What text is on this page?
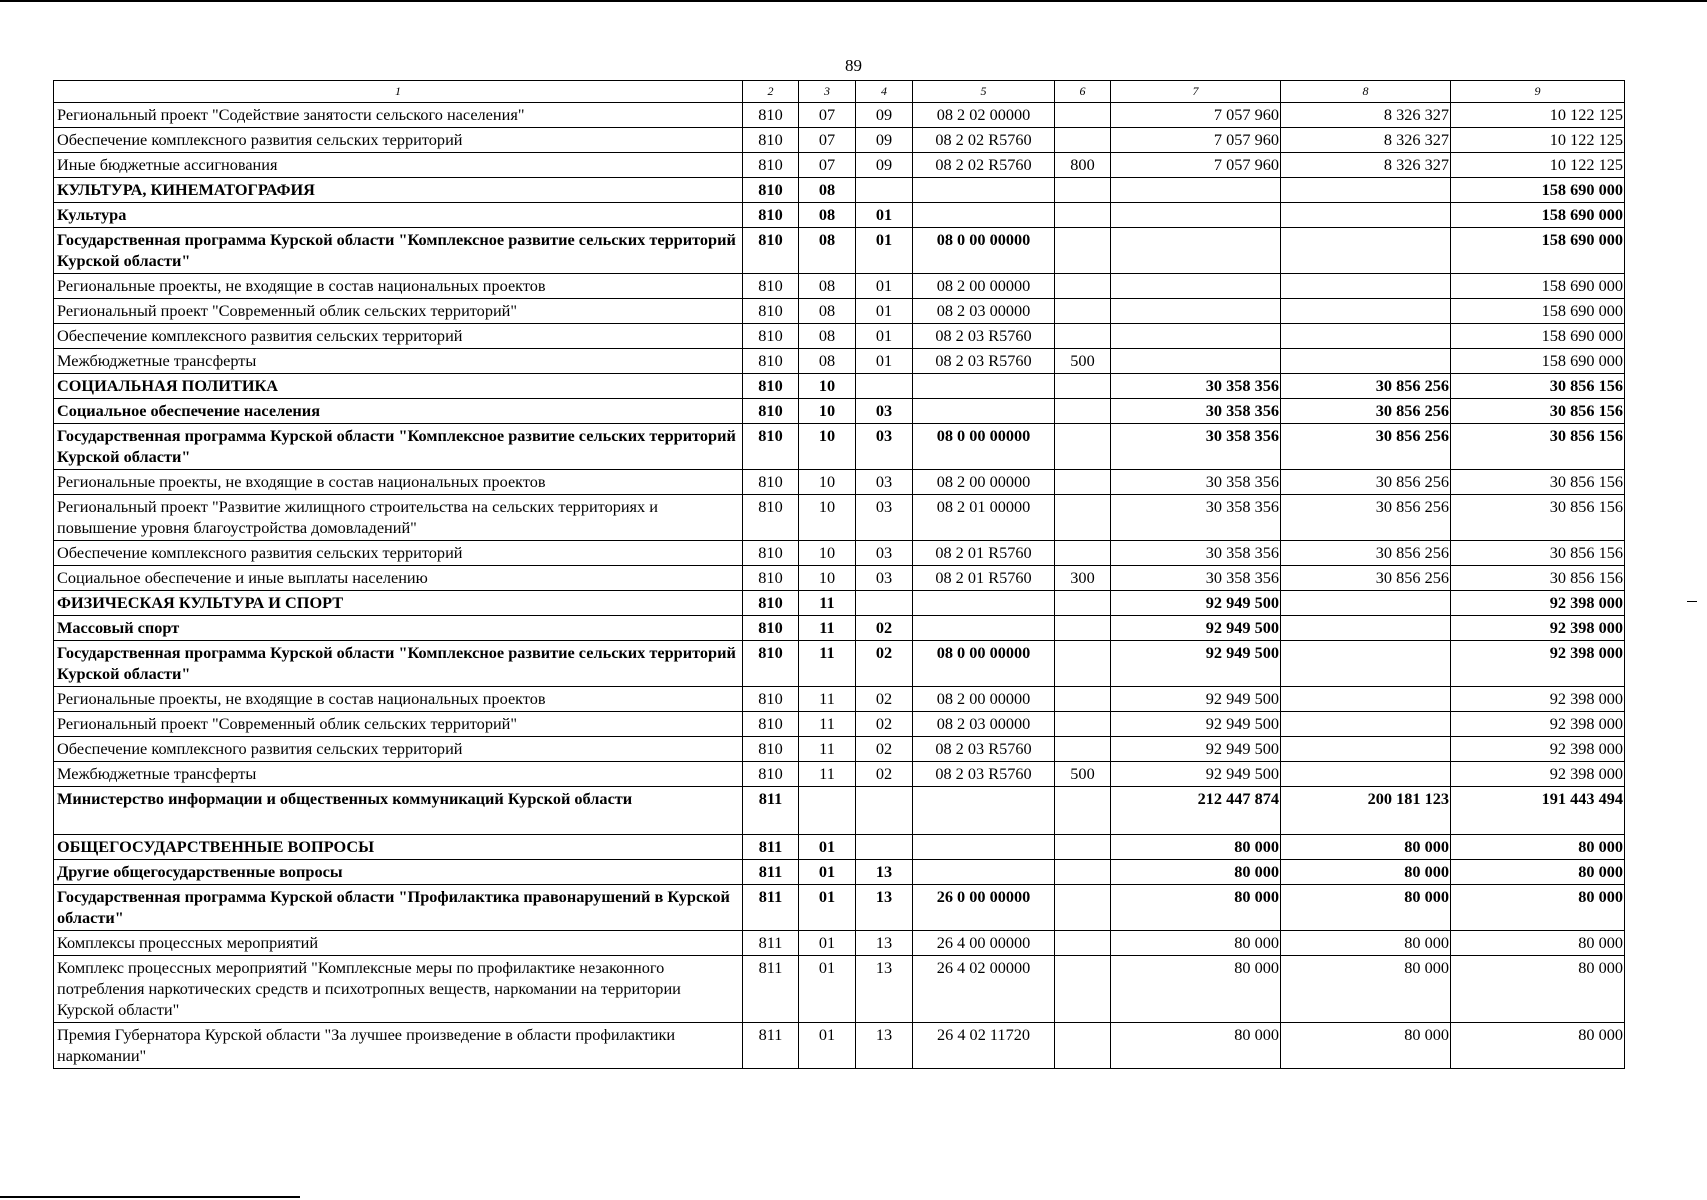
89
1	2	3	4	5	6	7	8	9
Региональный проект "Содействие занятости сельского населения"	810	07	09	08 2 02 00000		7 057 960	8 326 327	10 122 125
Обеспечение комплексного развития сельских территорий	810	07	09	08 2 02 R5760		7 057 960	8 326 327	10 122 125
Иные бюджетные ассигнования	810	07	09	08 2 02 R5760	800	7 057 960	8 326 327	10 122 125
КУЛЬТУРА, КИНЕМАТОГРАФИЯ	810	08						158 690 000
Культура	810	08	01					158 690 000
Государственная программа Курской области "Комплексное развитие сельских территорий Курской области"	810	08	01	08 0 00 00000				158 690 000
Региональные проекты, не входящие в состав национальных проектов	810	08	01	08 2 00 00000				158 690 000
Региональный проект "Современный облик сельских территорий"	810	08	01	08 2 03 00000				158 690 000
Обеспечение комплексного развития сельских территорий	810	08	01	08 2 03 R5760				158 690 000
Межбюджетные трансферты	810	08	01	08 2 03 R5760	500			158 690 000
СОЦИАЛЬНАЯ ПОЛИТИКА	810	10				30 358 356	30 856 256	30 856 156
Социальное обеспечение населения	810	10	03			30 358 356	30 856 256	30 856 156
Государственная программа Курской области "Комплексное развитие сельских территорий Курской области"	810	10	03	08 0 00 00000		30 358 356	30 856 256	30 856 156
Региональные проекты, не входящие в состав национальных проектов	810	10	03	08 2 00 00000		30 358 356	30 856 256	30 856 156
Региональный проект "Развитие жилищного строительства на сельских территориях и повышение уровня благоустройства домовладений"	810	10	03	08 2 01 00000		30 358 356	30 856 256	30 856 156
Обеспечение комплексного развития сельских территорий	810	10	03	08 2 01 R5760		30 358 356	30 856 256	30 856 156
Социальное обеспечение и иные выплаты населению	810	10	03	08 2 01 R5760	300	30 358 356	30 856 256	30 856 156
ФИЗИЧЕСКАЯ КУЛЬТУРА И СПОРТ	810	11				92 949 500		92 398 000
Массовый спорт	810	11	02			92 949 500		92 398 000
Государственная программа Курской области "Комплексное развитие сельских территорий Курской области"	810	11	02	08 0 00 00000		92 949 500		92 398 000
Региональные проекты, не входящие в состав национальных проектов	810	11	02	08 2 00 00000		92 949 500		92 398 000
Региональный проект "Современный облик сельских территорий"	810	11	02	08 2 03 00000		92 949 500		92 398 000
Обеспечение комплексного развития сельских территорий	810	11	02	08 2 03 R5760		92 949 500		92 398 000
Межбюджетные трансферты	810	11	02	08 2 03 R5760	500	92 949 500		92 398 000
Министерство информации и общественных коммуникаций Курской области	811					212 447 874	200 181 123	191 443 494
ОБЩЕГОСУДАРСТВЕННЫЕ ВОПРОСЫ	811	01				80 000	80 000	80 000
Другие общегосударственные вопросы	811	01	13			80 000	80 000	80 000
Государственная программа Курской области "Профилактика правонарушений в Курской области"	811	01	13	26 0 00 00000		80 000	80 000	80 000
Комплексы процессных мероприятий	811	01	13	26 4 00 00000		80 000	80 000	80 000
Комплекс процессных мероприятий "Комплексные меры по профилактике незаконного потребления наркотических средств и психотропных веществ, наркомании на территории Курской области"	811	01	13	26 4 02 00000		80 000	80 000	80 000
Премия Губернатора Курской области "За лучшее произведение в области профилактики наркомании"	811	01	13	26 4 02 11720		80 000	80 000	80 000
